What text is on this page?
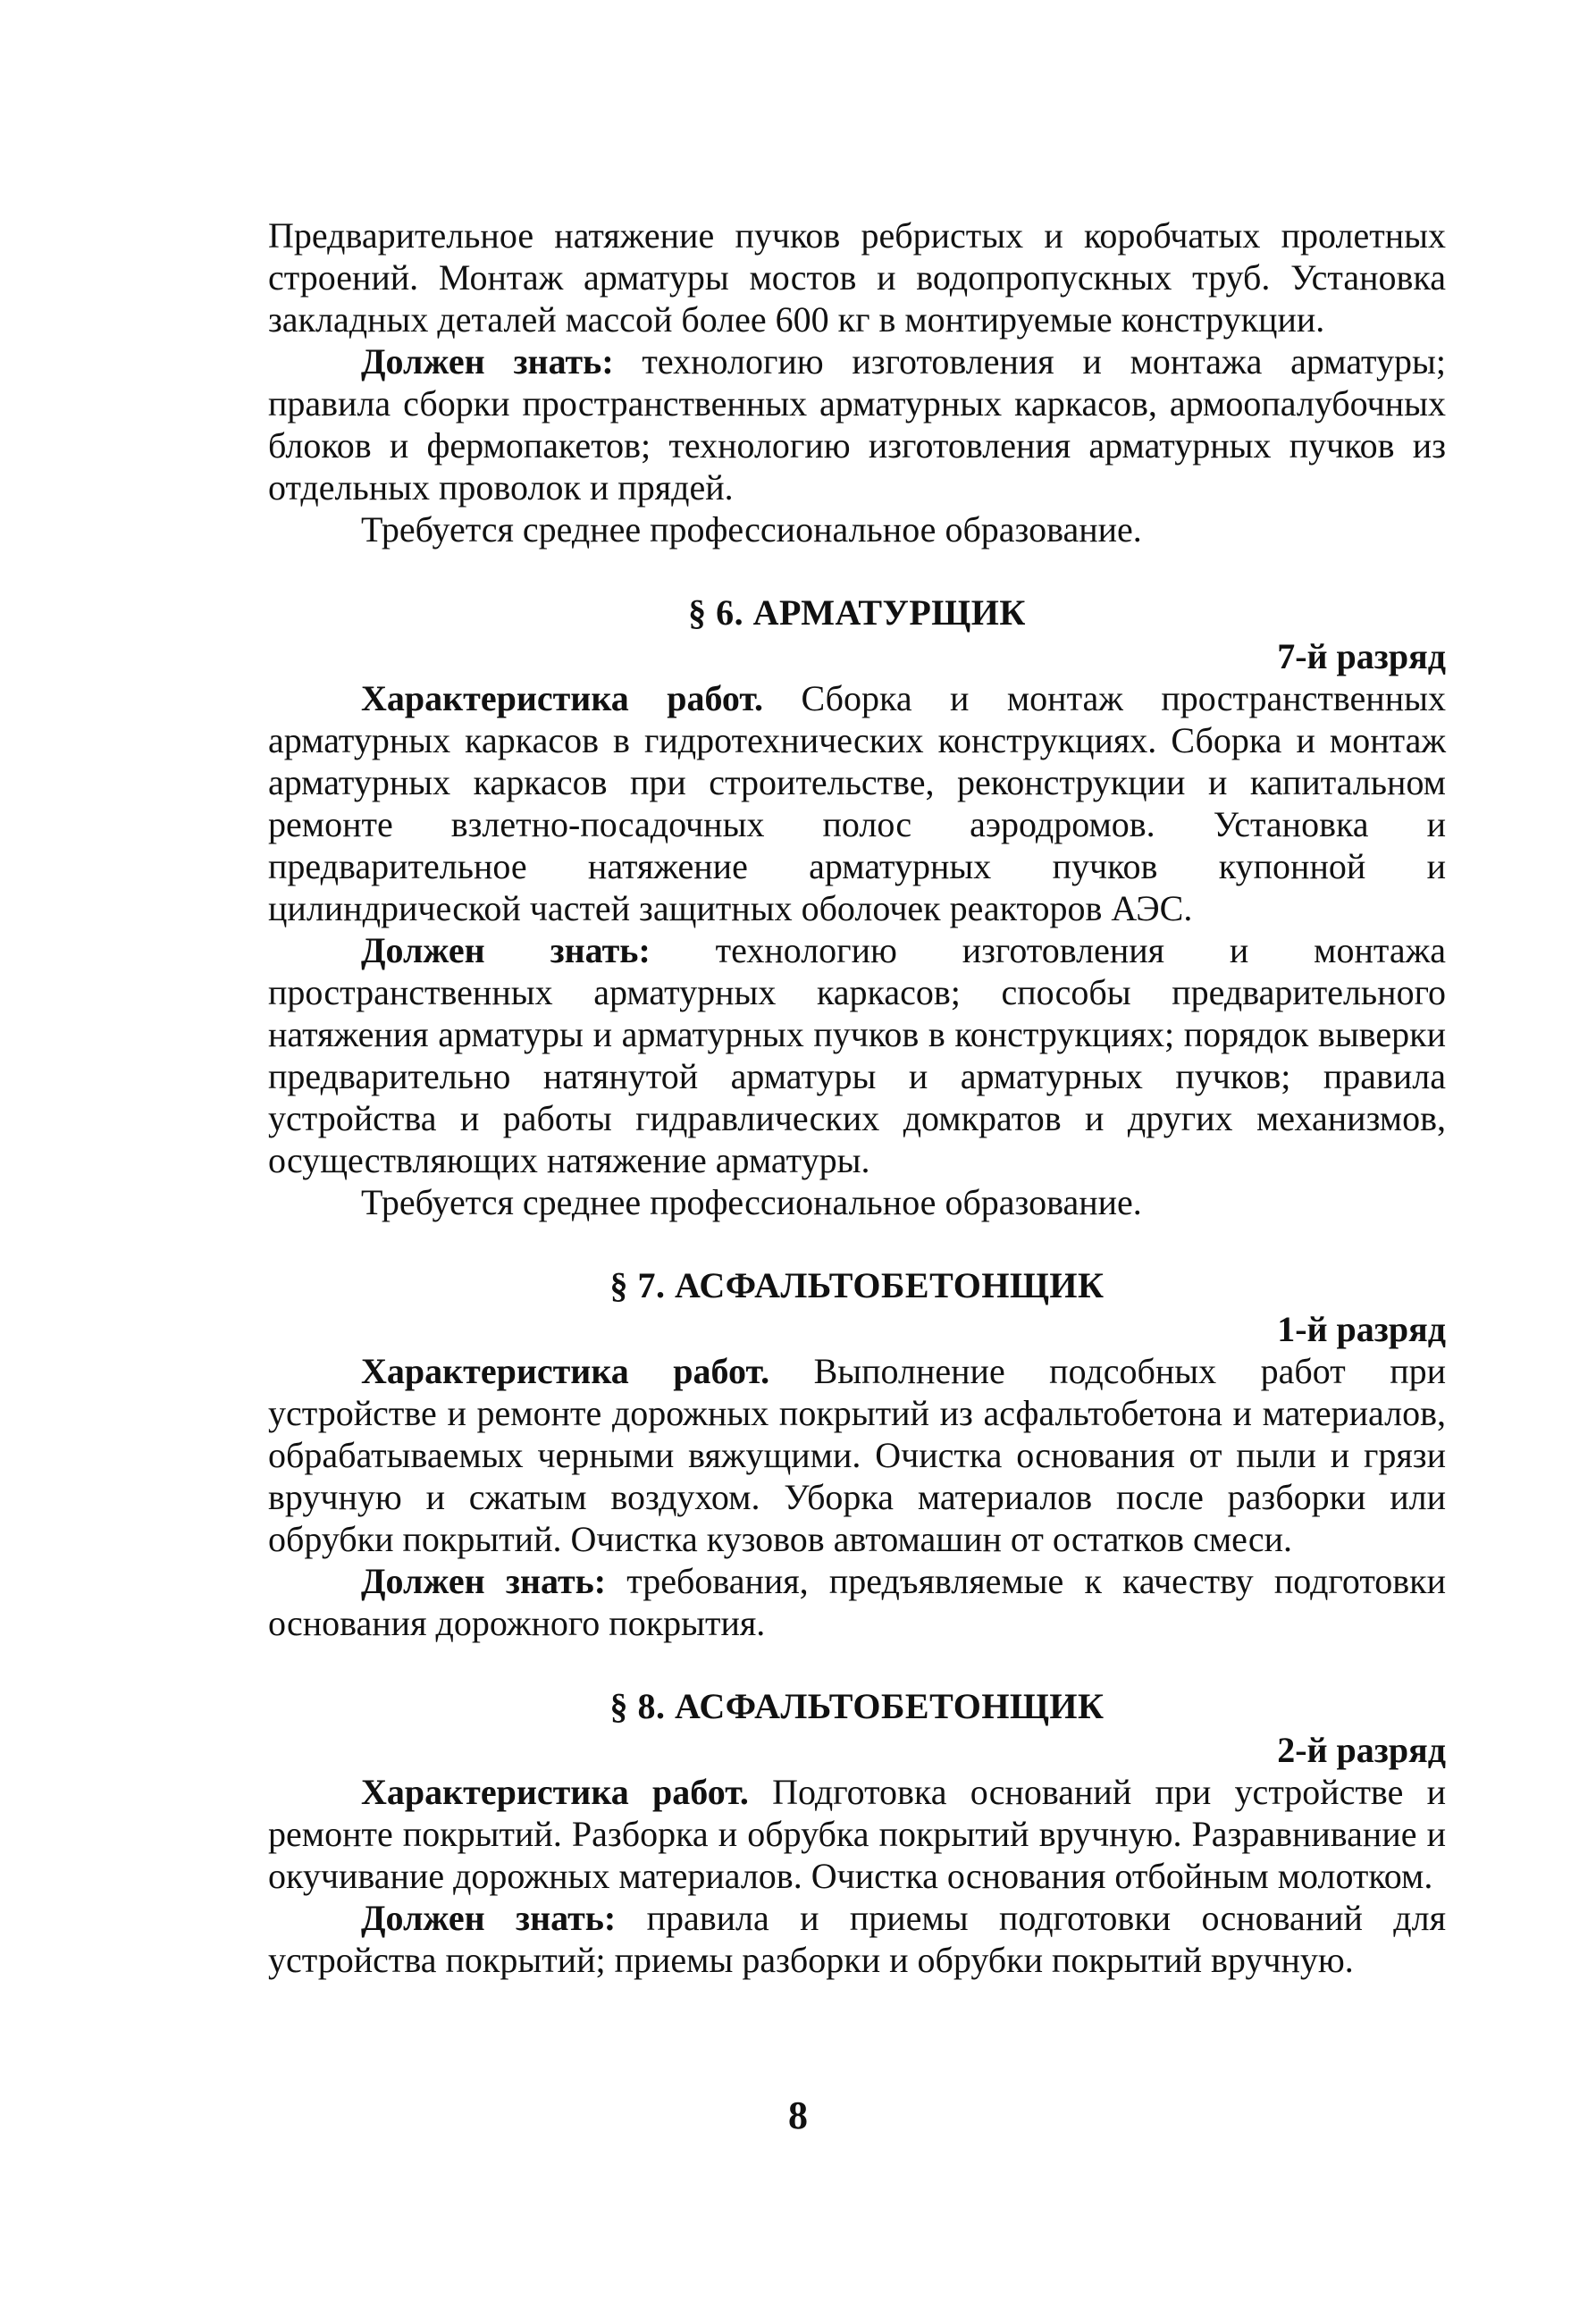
Предварительное натяжение пучков ребристых и коробчатых пролетных строений. Монтаж арматуры мостов и водопропускных труб. Установка закладных деталей массой более 600 кг в монтируемые конструкции.

Должен знать: технологию изготовления и монтажа арматуры; правила сборки пространственных арматурных каркасов, армоопалубочных блоков и фермопакетов; технологию изготовления арматурных пучков из отдельных проволок и прядей.

Требуется среднее профессиональное образование.

§ 6. АРМАТУРЩИК
7-й разряд

Характеристика работ. Сборка и монтаж пространственных арматурных каркасов в гидротехнических конструкциях. Сборка и монтаж арматурных каркасов при строительстве, реконструкции и капитальном ремонте взлетно-посадочных полос аэродромов. Установка и предварительное натяжение арматурных пучков купонной и цилиндрической частей защитных оболочек реакторов АЭС.

Должен знать: технологию изготовления и монтажа пространственных арматурных каркасов; способы предварительного натяжения арматуры и арматурных пучков в конструкциях; порядок выверки предварительно натянутой арматуры и арматурных пучков; правила устройства и работы гидравлических домкратов и других механизмов, осуществляющих натяжение арматуры.

Требуется среднее профессиональное образование.

§ 7. АСФАЛЬТОБЕТОНЩИК
1-й разряд

Характеристика работ. Выполнение подсобных работ при устройстве и ремонте дорожных покрытий из асфальтобетона и материалов, обрабатываемых черными вяжущими. Очистка основания от пыли и грязи вручную и сжатым воздухом. Уборка материалов после разборки или обрубки покрытий. Очистка кузовов автомашин от остатков смеси.

Должен знать: требования, предъявляемые к качеству подготовки основания дорожного покрытия.

§ 8. АСФАЛЬТОБЕТОНЩИК
2-й разряд

Характеристика работ. Подготовка оснований при устройстве и ремонте покрытий. Разборка и обрубка покрытий вручную. Разравнивание и окучивание дорожных материалов. Очистка основания отбойным молотком.

Должен знать: правила и приемы подготовки оснований для устройства покрытий; приемы разборки и обрубки покрытий вручную.

8
